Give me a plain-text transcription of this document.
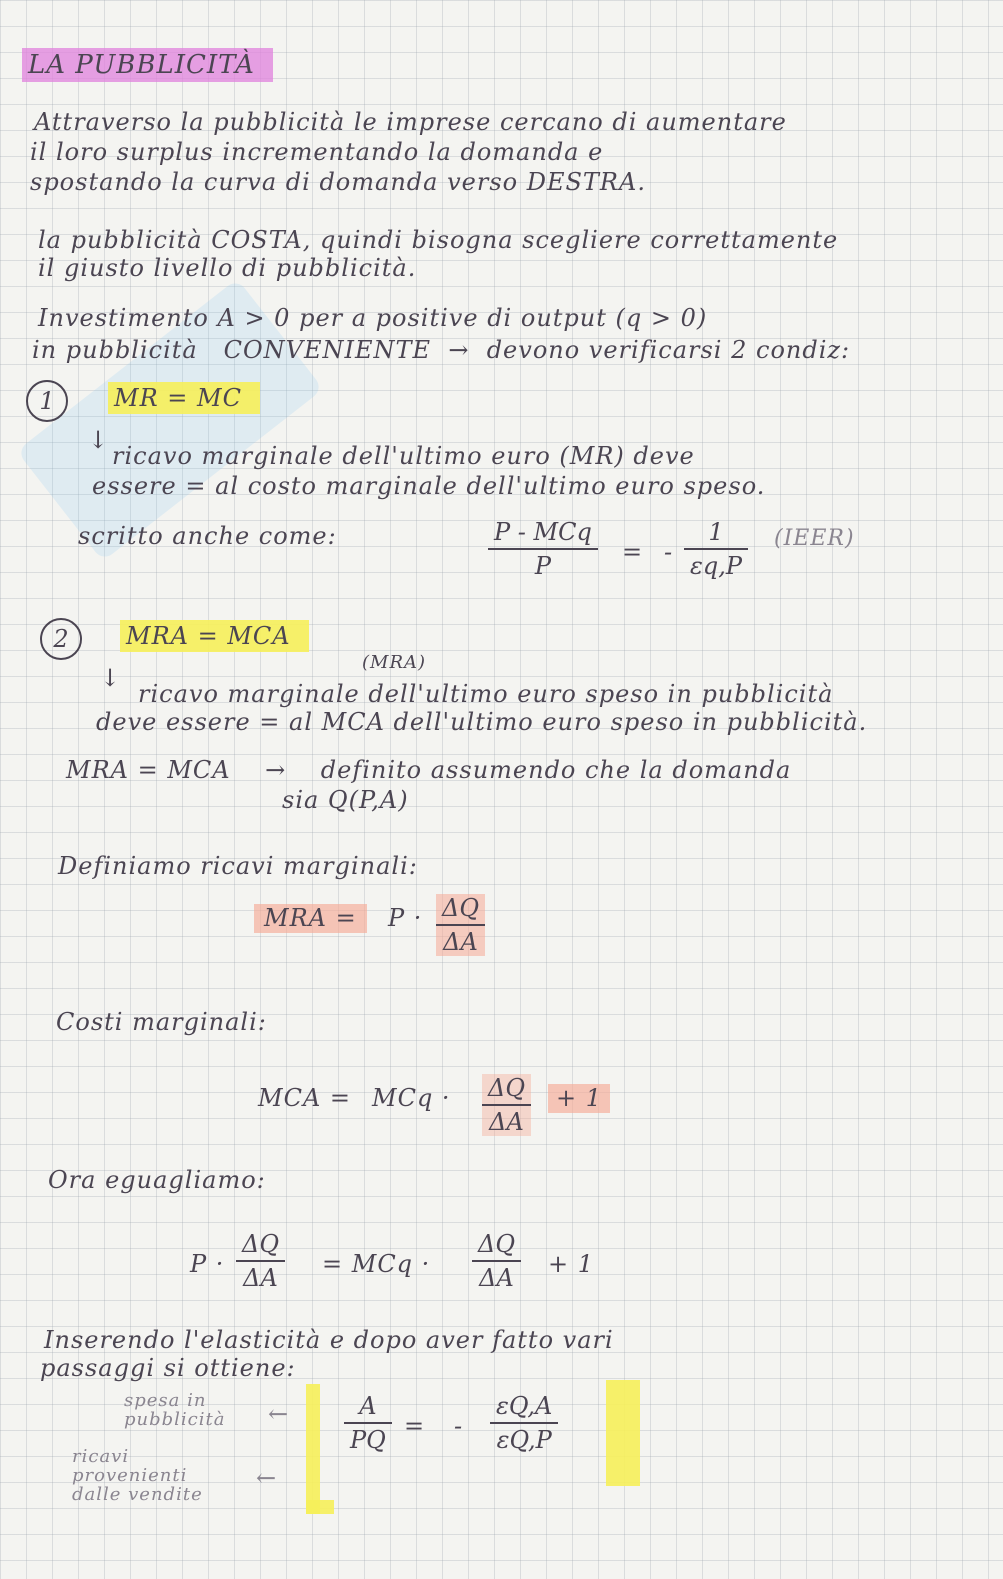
LA PUBBLICITÀ
Attraverso la pubblicità le imprese cercano di aumentare
il loro surplus incrementando la domanda e
spostando la curva di domanda verso DESTRA.
la pubblicità COSTA, quindi bisogna scegliere correttamente
il giusto livello di pubblicità.
Investimento A > 0 per a positive di output (q > 0)
in pubblicità CONVENIENTE → devono verificarsi 2 condiz:
1	MR = MC
↓
ricavo marginale dell'ultimo euro (MR) deve
essere = al costo marginale dell'ultimo euro speso.
scritto anche come:	P - MCq
P	= -
1
εq,P
(IEER)
2	MRA = MCA
(MRA)
↓
ricavo marginale dell'ultimo euro speso in pubblicità
deve essere = al MCA dell'ultimo euro speso in pubblicità.
MRA = MCA → definito assumendo che la domanda
sia Q(P,A)
Definiamo ricavi marginali:
MRA =	P · ΔQ
ΔA
Costi marginali:
MCA = MCq · ΔQ
ΔA
+ 1
Ora eguagliamo:
P ·
ΔQ
ΔA = MCq ·
ΔQ
ΔA + 1
Inserendo l'elasticità e dopo aver fatto vari
passaggi si ottiene:
spesa in
pubblicità ←
ricavi
provenienti
dalle vendite
←
A
PQ = -
εQ,A
εQ,P
